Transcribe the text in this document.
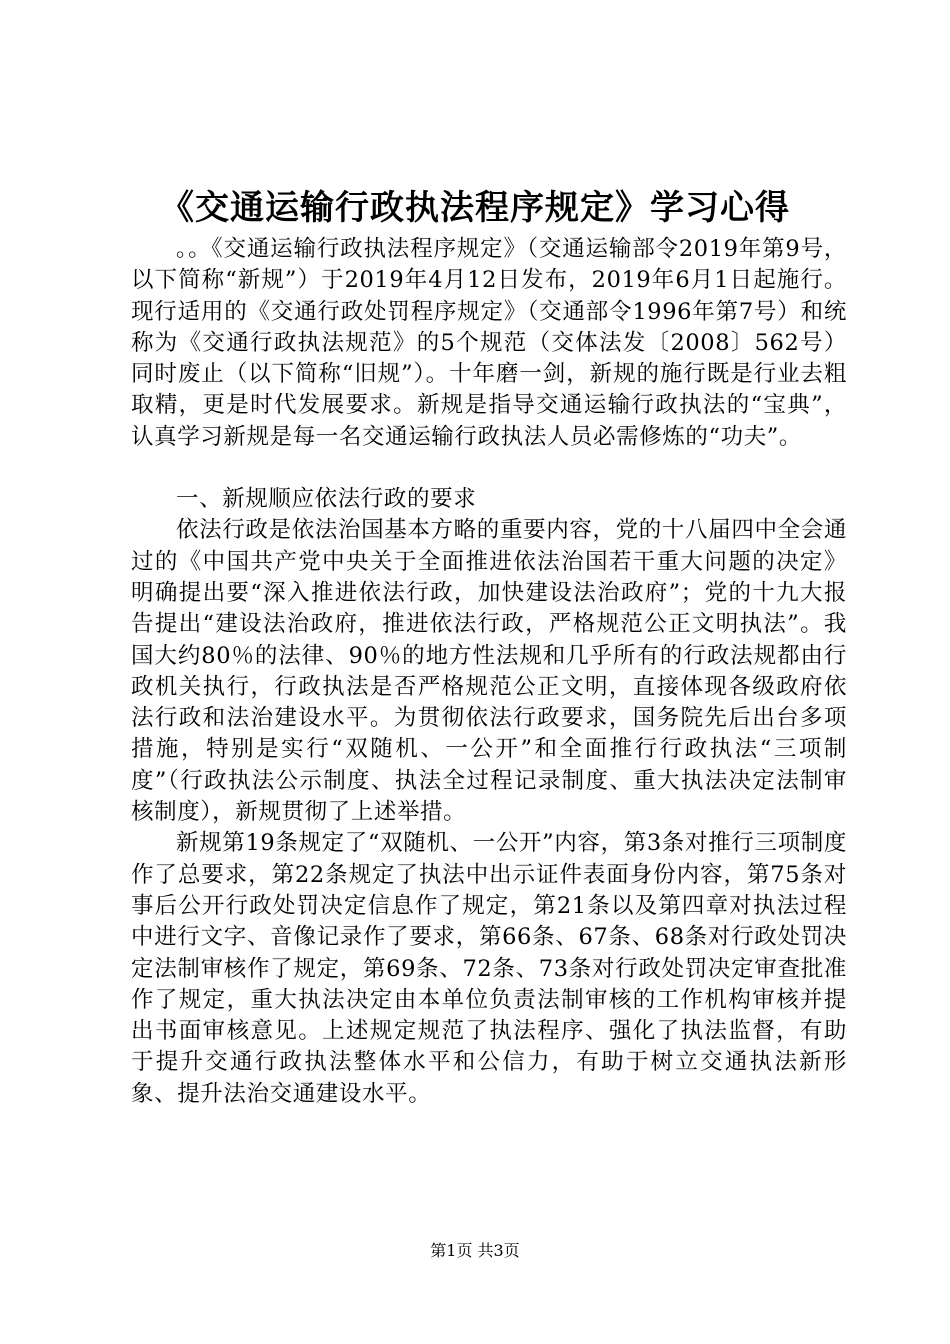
《交通运输行政执法程序规定》学习心得

。。《交通运输行政执法程序规定》（交通运输部令2019年第9号，以下简称“新规”）于2019年4月12日发布，2019年6月1日起施行。现行适用的《交通行政处罚程序规定》（交通部令1996年第7号）和统称为《交通行政执法规范》的5个规范（交体法发〔2008〕562号）同时废止（以下简称“旧规”）。十年磨一剑，新规的施行既是行业去粗取精，更是时代发展要求。新规是指导交通运输行政执法的“宝典”，认真学习新规是每一名交通运输行政执法人员必需修炼的“功夫”。

一、新规顺应依法行政的要求

依法行政是依法治国基本方略的重要内容，党的十八届四中全会通过的《中国共产党中央关于全面推进依法治国若干重大问题的决定》明确提出要“深入推进依法行政，加快建设法治政府”；党的十九大报告提出“建设法治政府，推进依法行政，严格规范公正文明执法”。我国大约80％的法律、90％的地方性法规和几乎所有的行政法规都由行政机关执行，行政执法是否严格规范公正文明，直接体现各级政府依法行政和法治建设水平。为贯彻依法行政要求，国务院先后出台多项措施，特别是实行“双随机、一公开”和全面推行行政执法“三项制度”（行政执法公示制度、执法全过程记录制度、重大执法决定法制审核制度），新规贯彻了上述举措。

新规第19条规定了“双随机、一公开”内容，第3条对推行三项制度作了总要求，第22条规定了执法中出示证件表面身份内容，第75条对事后公开行政处罚决定信息作了规定，第21条以及第四章对执法过程中进行文字、音像记录作了要求，第66条、67条、68条对行政处罚决定法制审核作了规定，第69条、72条、73条对行政处罚决定审查批准作了规定，重大执法决定由本单位负责法制审核的工作机构审核并提出书面审核意见。上述规定规范了执法程序、强化了执法监督，有助于提升交通行政执法整体水平和公信力，有助于树立交通执法新形象、提升法治交通建设水平。

第1页 共3页
